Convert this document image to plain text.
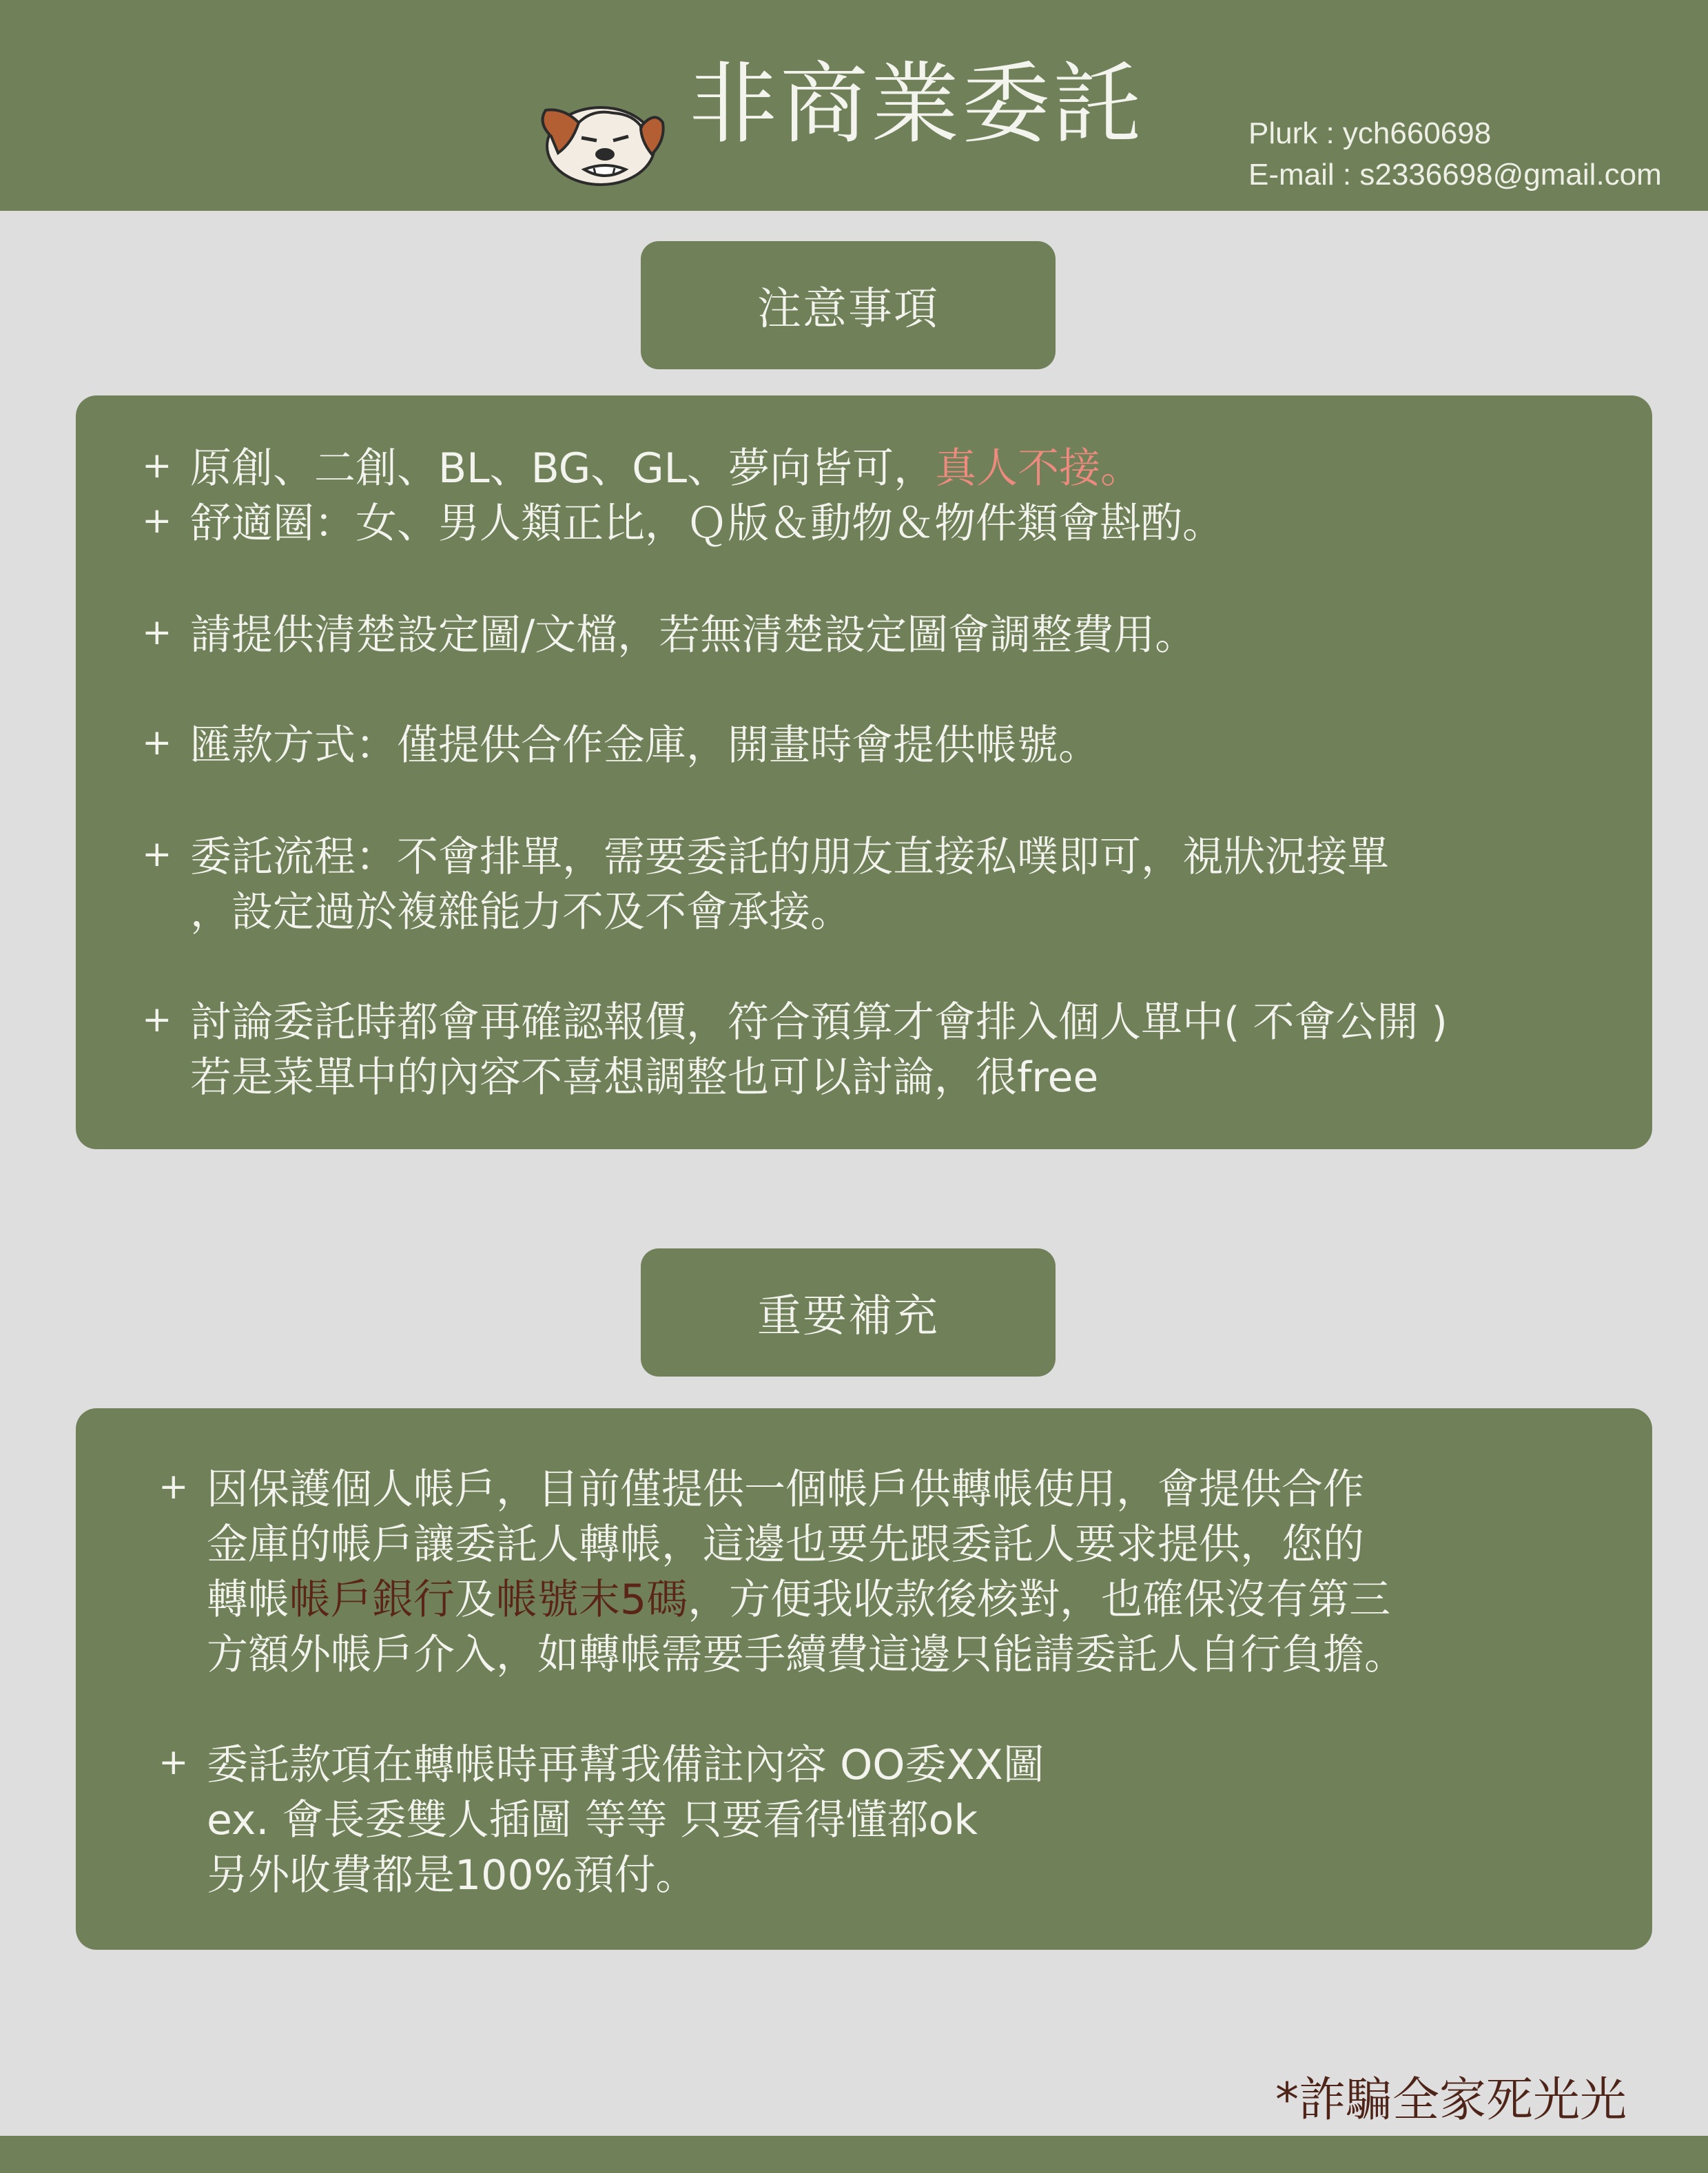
非商業委託	Plurk : ych660698
E-mail : s2336698@gmail.com
注意事項
+ 原創、二創、BL、BG、GL、夢向皆可，真人不接。
+ 舒適圈：女、男人類正比，Ｑ版＆動物＆物件類會斟酌。
+ 請提供清楚設定圖/文檔，若無清楚設定圖會調整費用。
+ 匯款方式：僅提供合作金庫，開畫時會提供帳號。
+ 委託流程：不會排單，需要委託的朋友直接私噗即可，視狀況接單
，設定過於複雜能力不及不會承接。
+ 討論委託時都會再確認報價，符合預算才會排入個人單中( 不會公開 )
若是菜單中的內容不喜想調整也可以討論，很free
重要補充
+ 因保護個人帳戶，目前僅提供一個帳戶供轉帳使用，會提供合作
金庫的帳戶讓委託人轉帳，這邊也要先跟委託人要求提供，您的
轉帳帳戶銀行及帳號末5碼，方便我收款後核對，也確保沒有第三
方額外帳戶介入，如轉帳需要手續費這邊只能請委託人自行負擔。
+ 委託款項在轉帳時再幫我備註內容 OO委XX圖
ex. 會長委雙人插圖 等等 只要看得懂都ok
另外收費都是100%預付。
*詐騙全家死光光
